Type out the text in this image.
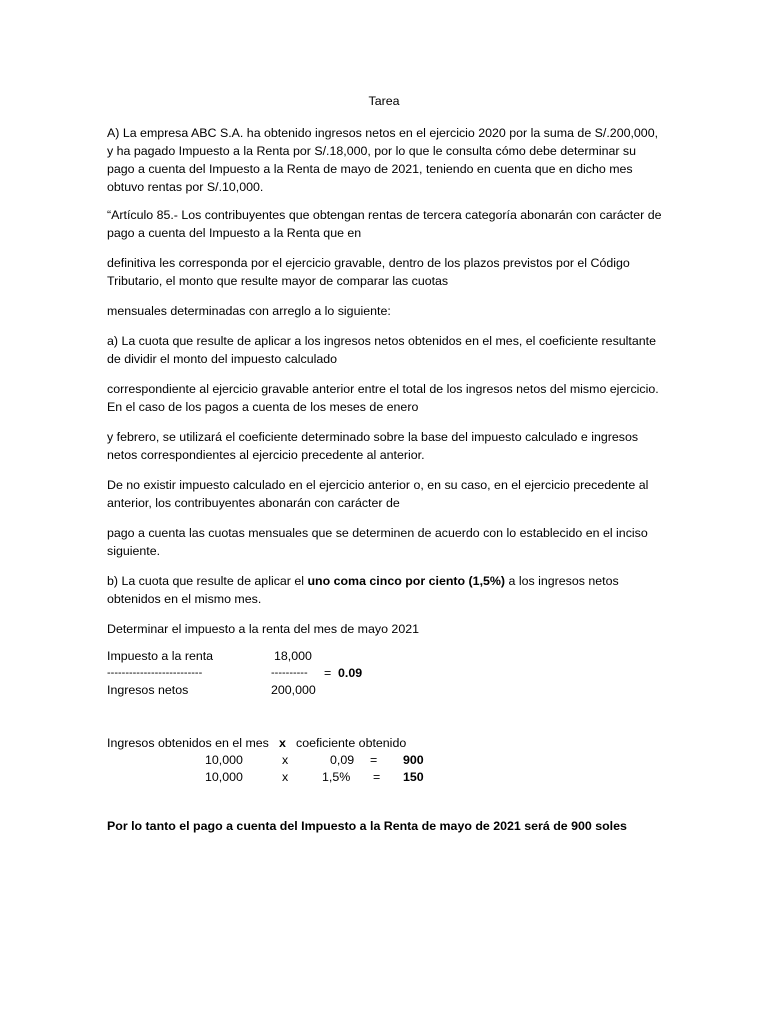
Tarea

A) La empresa ABC S.A. ha obtenido ingresos netos en el ejercicio 2020 por la suma de S/.200,000, y ha pagado Impuesto a la Renta por S/.18,000, por lo que le consulta cómo debe determinar su pago a cuenta del Impuesto a la Renta de mayo de 2021, teniendo en cuenta que en dicho mes obtuvo rentas por S/.10,000.

“Artículo 85.- Los contribuyentes que obtengan rentas de tercera categoría abonarán con carácter de pago a cuenta del Impuesto a la Renta que en

definitiva les corresponda por el ejercicio gravable, dentro de los plazos previstos por el Código Tributario, el monto que resulte mayor de comparar las cuotas

mensuales determinadas con arreglo a lo siguiente:

a) La cuota que resulte de aplicar a los ingresos netos obtenidos en el mes, el coeficiente resultante de dividir el monto del impuesto calculado

correspondiente al ejercicio gravable anterior entre el total de los ingresos netos del mismo ejercicio. En el caso de los pagos a cuenta de los meses de enero

y febrero, se utilizará el coeficiente determinado sobre la base del impuesto calculado e ingresos netos correspondientes al ejercicio precedente al anterior.

De no existir impuesto calculado en el ejercicio anterior o, en su caso, en el ejercicio precedente al anterior, los contribuyentes abonarán con carácter de

pago a cuenta las cuotas mensuales que se determinen de acuerdo con lo establecido en el inciso siguiente.

b) La cuota que resulte de aplicar el uno coma cinco por ciento (1,5%) a los ingresos netos obtenidos en el mismo mes.

Determinar el impuesto a la renta del mes de mayo 2021

Impuesto a la renta	18,000
--------------------------	---------- = 0.09
Ingresos netos	200,000
Ingresos obtenidos en el mes x coeficiente obtenido
10,000	x	0,09 = 900
10,000	x	1,5% = 150

Por lo tanto el pago a cuenta del Impuesto a la Renta de mayo de 2021 será de 900 soles
